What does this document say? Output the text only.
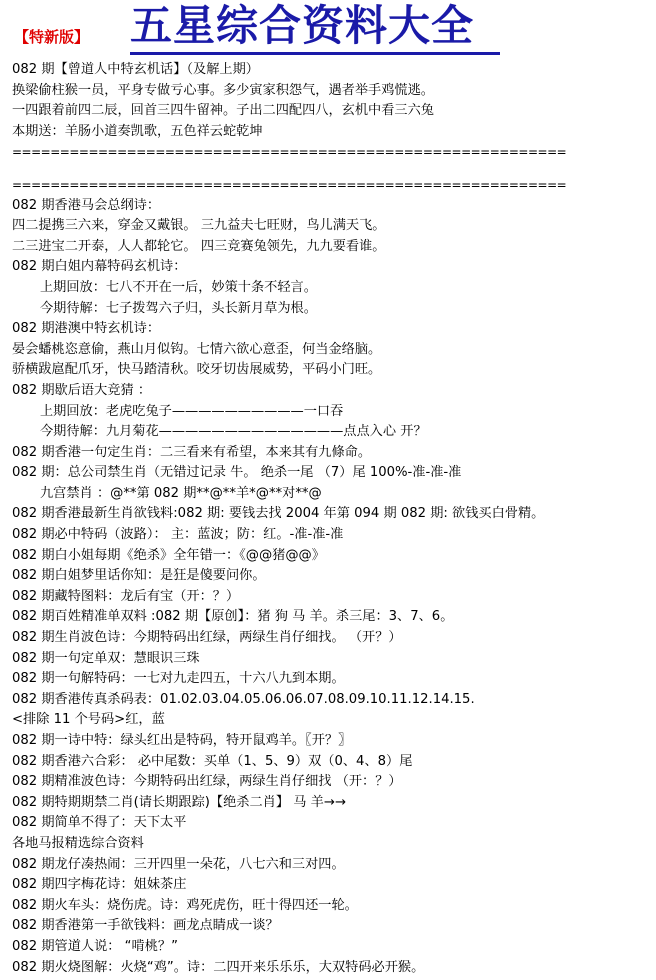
【特新版】 五星综合资料大全
082 期【曾道人中特玄机话】（及解上期）
换梁偷柱猴一员，平身专做亏心事。多少寅家积怨气，遇者举手鸡慌逃。
一四跟着前四二辰，回首三四牛留神。子出二四配四八，玄机中看三六兔
本期送：羊肠小道奏凯歌，五色祥云蛇乾坤
==========================================================
==========================================================
082 期香港马会总纲诗：
四二提携三六来，穿金又戴银。 三九益夫七旺财，鸟儿满天飞。
二三进宝二开泰，人人都轮它。 四三竞赛兔领先，九九要看谁。
082 期白姐内幕特码玄机诗：
上期回放：七八不开在一后，妙策十条不轻言。
今期待解：七子拨驾六子归，头长新月草为根。
082 期港澳中特玄机诗：
晏会蟠桃恣意偷，燕山月似钩。七情六欲心意歪，何当金络脑。
骄横跋扈配爪牙，快马踏清秋。咬牙切齿展威势，平码小门旺。
082 期歇后语大竞猜 ：
上期回放：老虎吃兔子——————————一口吞
今期待解：九月菊花——————————————点点入心 开？
082 期香港一句定生肖：二三看来有希望，本来其有九條命。
082 期：总公司禁生肖（无错过记录 牛。 绝杀一尾 （7）尾 100%-准-准-准
九宫禁肖 ：@**第 082 期**@**羊*@**对**@
082 期香港最新生肖欲钱料:082 期: 要钱去找 2004 年第 094 期 082 期: 欲钱买白骨精。
082 期必中特码（波路）： 主：蓝波；防：红。-准-准-准
082 期白小姐每期《绝杀》全年错一：《@@猪@@》
082 期白姐梦里话你知：是狂是傻要问你。
082 期藏特图料：龙后有宝（开：？）
082 期百姓精准单双料 :082 期【原创】：猪 狗 马 羊。杀三尾：3、7、6。
082 期生肖波色诗：今期特码出红绿，两绿生肖仔细找。 （开？）
082 期一句定单双：慧眼识三珠
082 期一句解特码：一七对九走四五，十六八九到本期。
082 期香港传真杀码表：01.02.03.04.05.06.06.07.08.09.10.11.12.14.15.
<排除 11 个号码>红，蓝
082 期一诗中特：绿头红出是特码，特开鼠鸡羊。〖开？〗
082 期香港六合彩： 必中尾数：买单（1、5、9）双（0、4、8）尾
082 期精准波色诗：今期特码出红绿，两绿生肖仔细找 （开：？）
082 期特期期禁二肖(请长期跟踪)【绝杀二肖】 马 羊→→
082 期简单不得了：天下太平
各地马报精选综合资料
082 期龙仔凑热闹：三开四里一朵花，八七六和三对四。
082 期四字梅花诗：姐妹茶庄
082 期火车头：烧伤虎。诗：鸡死虎伤，旺十得四还一轮。
082 期香港第一手欲钱料：画龙点睛成一谈？
082 期管道人说： “啃桃？”
082 期火烧图解：火烧“鸡”。诗：二四开来乐乐乐，大双特码必开猴。
